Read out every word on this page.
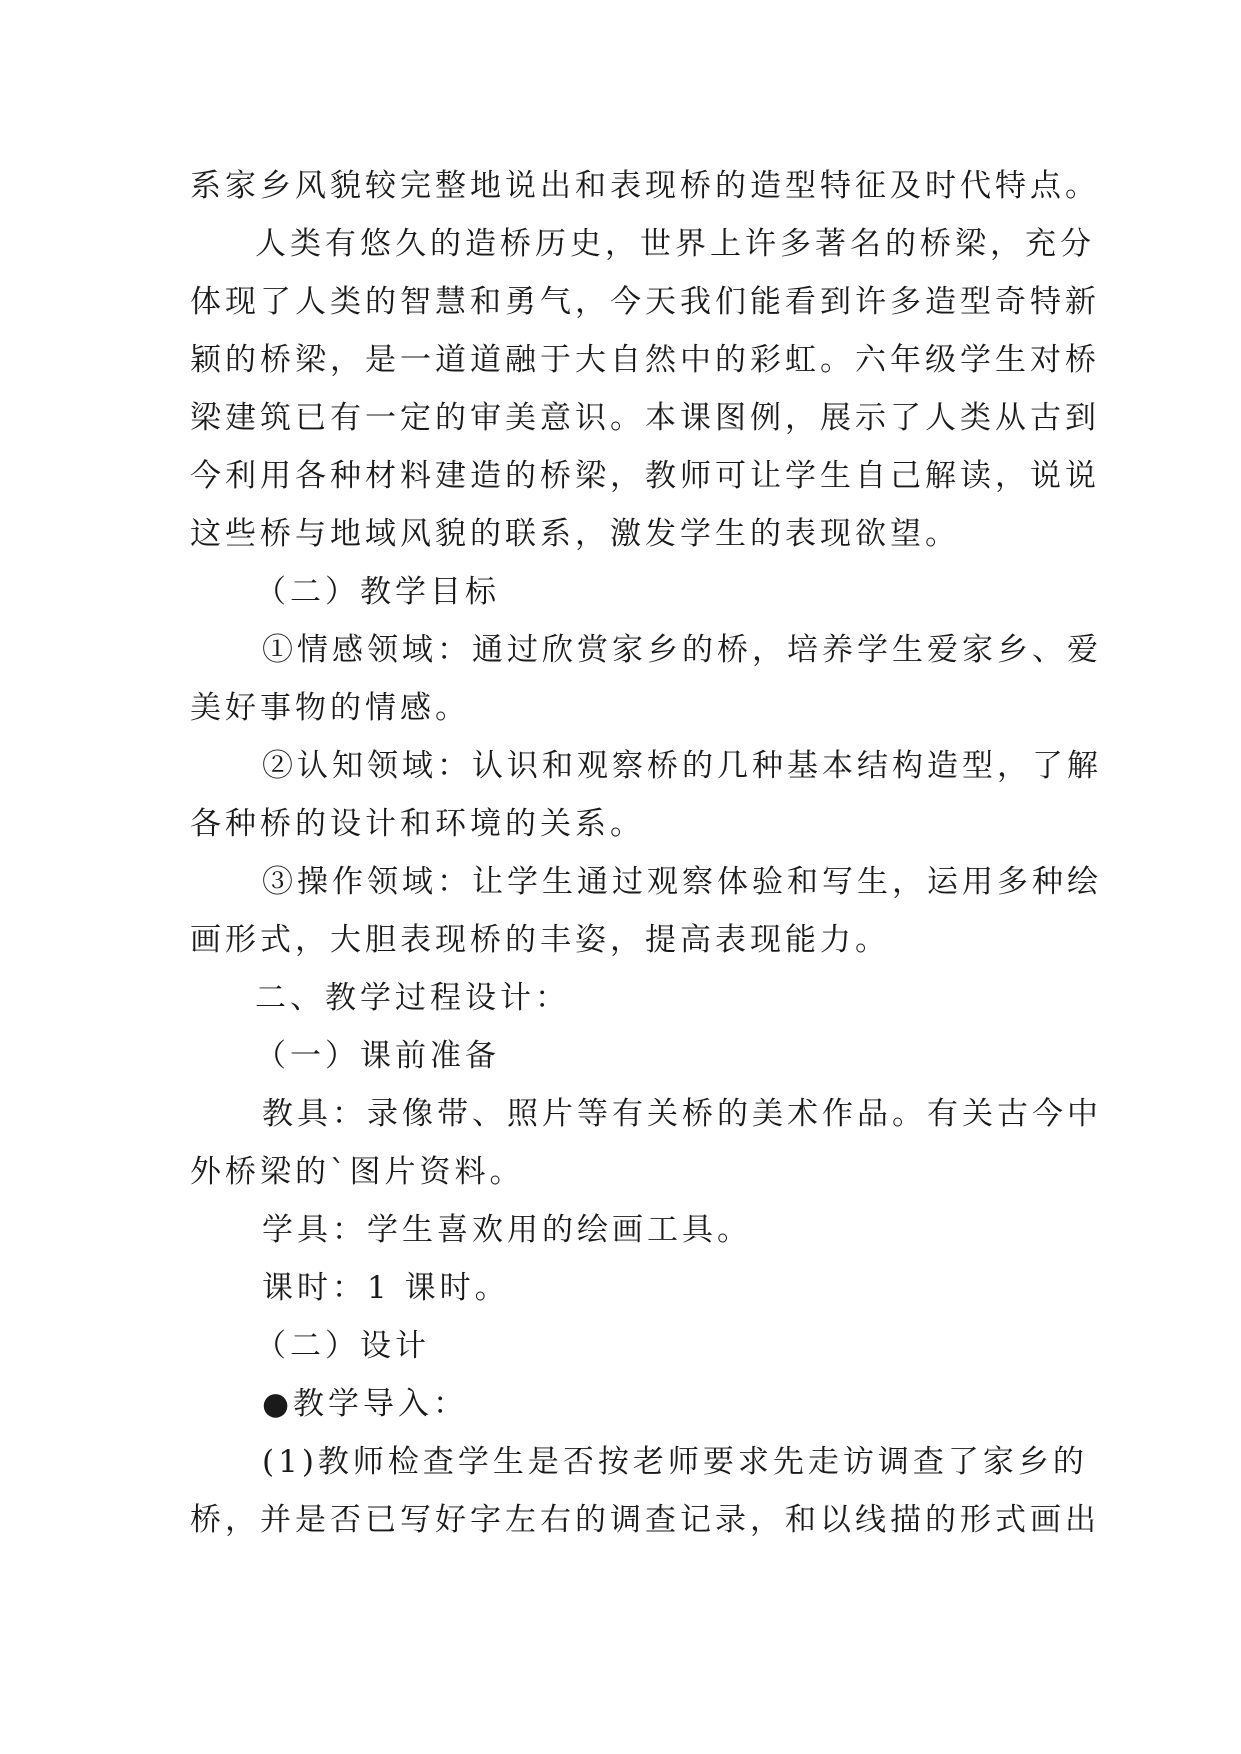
系家乡风貌较完整地说出和表现桥的造型特征及时代特点。
人类有悠久的造桥历史，世界上许多著名的桥梁，充分
体现了人类的智慧和勇气，今天我们能看到许多造型奇特新
颖的桥梁，是一道道融于大自然中的彩虹。六年级学生对桥
梁建筑已有一定的审美意识。本课图例，展示了人类从古到
今利用各种材料建造的桥梁，教师可让学生自己解读，说说
这些桥与地域风貌的联系，激发学生的表现欲望。
（二）教学目标
①情感领域：通过欣赏家乡的桥，培养学生爱家乡、爱
美好事物的情感。
②认知领域：认识和观察桥的几种基本结构造型，了解
各种桥的设计和环境的关系。
③操作领域：让学生通过观察体验和写生，运用多种绘
画形式，大胆表现桥的丰姿，提高表现能力。
二、教学过程设计：
（一）课前准备
教具：录像带、照片等有关桥的美术作品。有关古今中
外桥梁的`图片资料。
学具：学生喜欢用的绘画工具。
课时：1 课时。
（二）设计
●教学导入：
(1)教师检查学生是否按老师要求先走访调查了家乡的
桥，并是否已写好字左右的调查记录，和以线描的形式画出
